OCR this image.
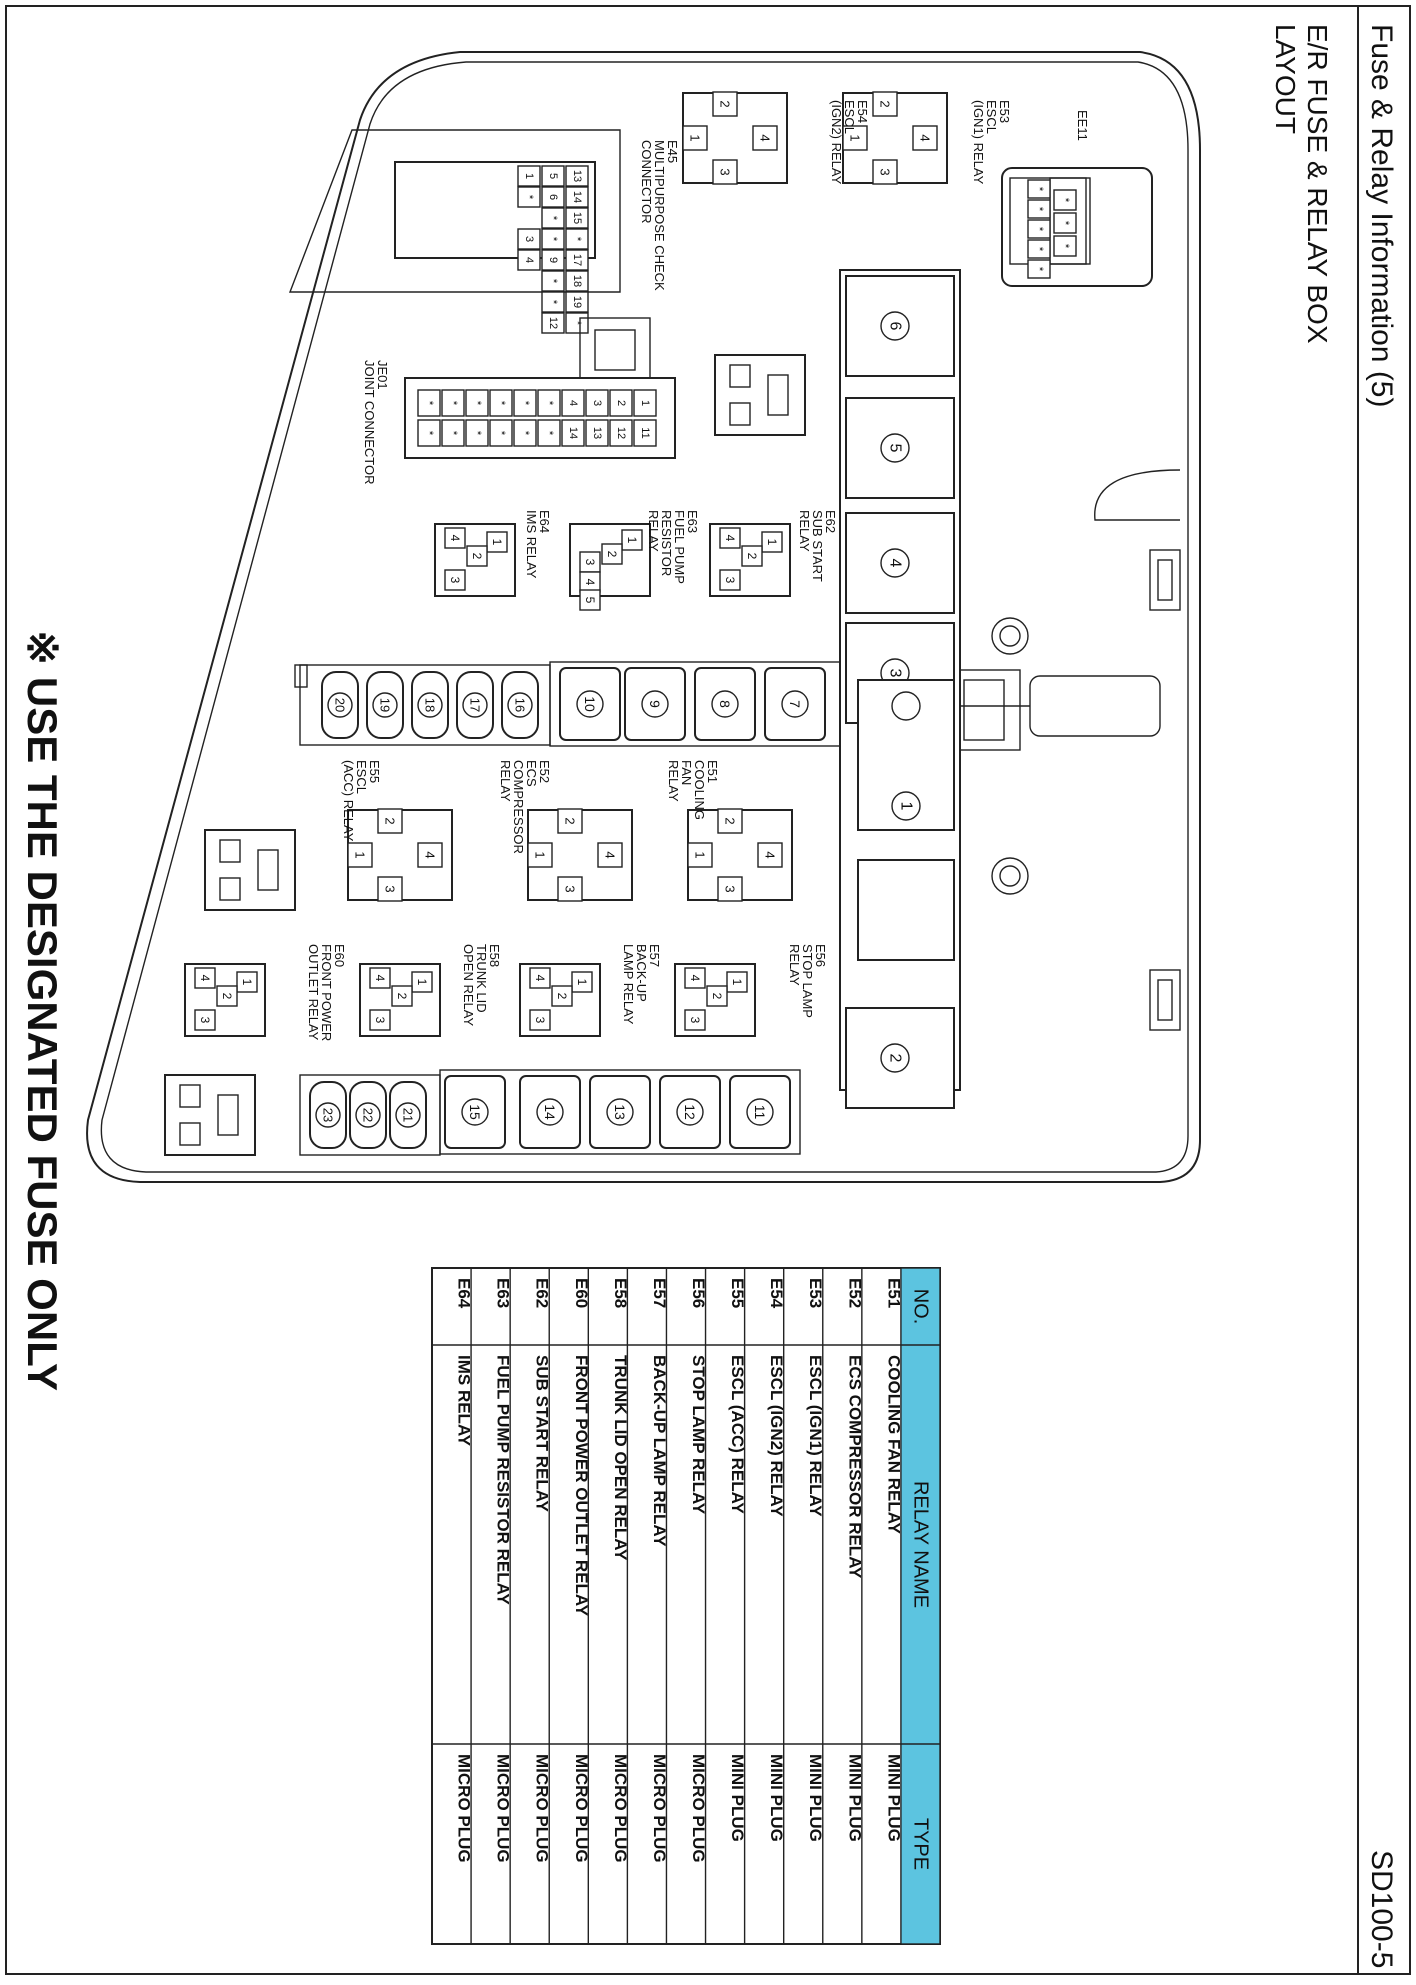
Fuse & Relay Information (5)
SD100-5
E/R FUSE & RELAY BOX
LAYOUT
6
5
4
3
2
1
7
8
9
10
16
17
18
19
20
11
12
13
14
15
21
22
23
13
14
15
*
17
18
19
*
5
6
*
*
9
*
*
12
1
*
3
4
* * * * * * 4 3 2 1
* * * * * * 14 13 12 11
*
*
*
*
*
*
*
*
4
2
3
1
4
2
3
1
4
2
3
1
4
2
3
1
4
2
3
1
1
2
3
4
1
2
3
4
5
1
2
3
4
1
2
3
4
1
2
3
4
1
2
3
4
1
2
3
4
EE11
E53
ESCL
(IGN1) RELAY
E54
ESCL
(IGN2) RELAY
E45
MULTIPURPOSE CHECK
CONNECTOR
JE01
JOINT CONNECTOR
E62
SUB START
RELAY
E63
FUEL PUMP
RESISTOR
RELAY
E64
IMS RELAY
E51
COOLING
FAN
RELAY
E52
ECS
COMPRESSOR
RELAY
E55
ESCL
(ACC) RELAY
E56
STOP LAMP
RELAY
E57
BACK-UP
LAMP RELAY
E58
TRUNK LID
OPEN RELAY
E60
FRONT POWER
OUTLET RELAY
NO.
RELAY NAME
TYPE
E51
COOLING FAN RELAY
MINI PLUG
E52
ECS COMPRESSOR RELAY
MINI PLUG
E53
ESCL (IGN1) RELAY
MINI PLUG
E54
ESCL (IGN2) RELAY
MINI PLUG
E55
ESCL (ACC) RELAY
MINI PLUG
E56
STOP LAMP RELAY
MICRO PLUG
E57
BACK-UP LAMP RELAY
MICRO PLUG
E58
TRUNK LID OPEN RELAY
MICRO PLUG
E60
FRONT POWER OUTLET RELAY
MICRO PLUG
E62
SUB START RELAY
MICRO PLUG
E63
FUEL PUMP RESISTOR RELAY
MICRO PLUG
E64
IMS RELAY
MICRO PLUG
※ USE THE DESIGNATED FUSE ONLY
